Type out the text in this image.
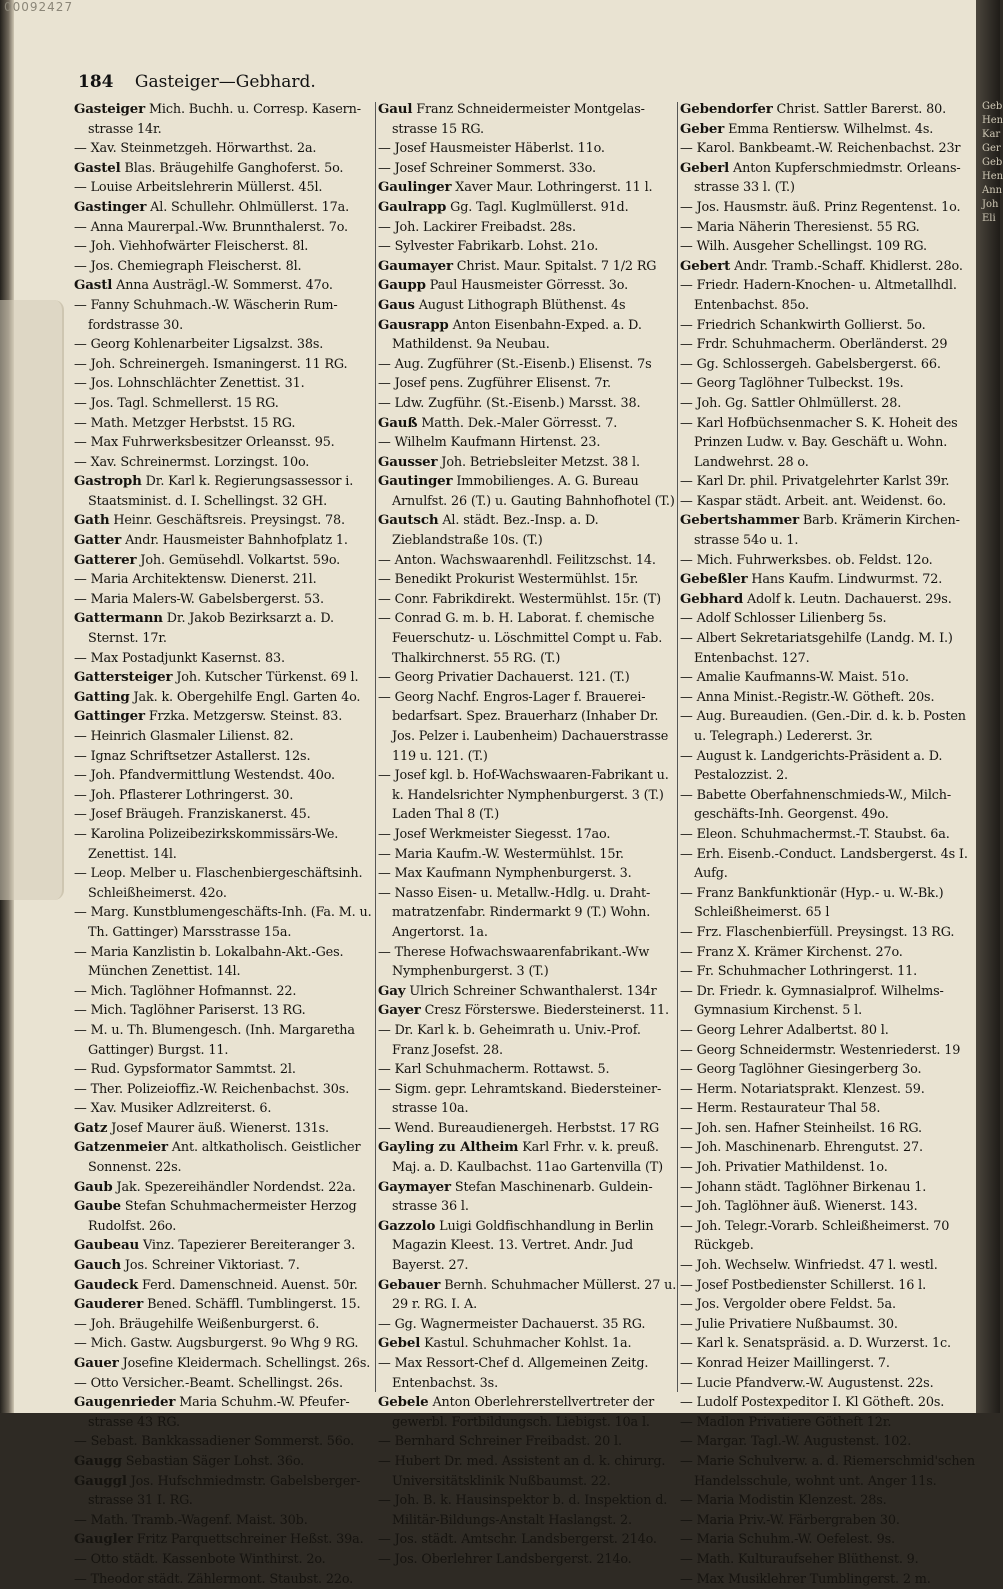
00092427
184 Gasteiger—Gebhard.

Gasteiger Mich. Buchh. u. Corresp. Kasernstrasse 14r.

— Xav. Steinmetzgeh. Hörwarthst. 2a.

Gastel Blas. Bräugehilfe Ganghoferst. 5o.

— Louise Arbeitslehrerin Müllerst. 45l.

Gastinger Al. Schullehr. Ohlmüllerst. 17a.

— Anna Maurerpal.-Ww. Brunnthalerst. 7o.

— Joh. Viehhofwärter Fleischerst. 8l.

— Jos. Chemiegraph Fleischerst. 8l.

Gastl Anna Austrägl.-W. Sommerst. 47o.

— Fanny Schuhmach.-W. Wäscherin Rumfordstrasse 30.

— Georg Kohlenarbeiter Ligsalzst. 38s.

— Joh. Schreinergeh. Ismaningerst. 11 RG.

— Jos. Lohnschlächter Zenettist. 31.

— Jos. Tagl. Schmellerst. 15 RG.

— Math. Metzger Herbstst. 15 RG.

— Max Fuhrwerksbesitzer Orleansst. 95.

— Xav. Schreinermst. Lorzingst. 10o.

Gastroph Dr. Karl k. Regierungsassessor i. Staatsminist. d. I. Schellingst. 32 GH.

Gath Heinr. Geschäftsreis. Preysingst. 78.

Gatter Andr. Hausmeister Bahnhofplatz 1.

Gatterer Joh. Gemüsehdl. Volkartst. 59o.

— Maria Architektensw. Dienerst. 21l.

— Maria Malers-W. Gabelsbergerst. 53.

Gattermann Dr. Jakob Bezirksarzt a. D. Sternst. 17r.

— Max Postadjunkt Kasernst. 83.

Gattersteiger Joh. Kutscher Türkenst. 69 l.

Gatting Jak. k. Obergehilfe Engl. Garten 4o.

Gattinger Frzka. Metzgersw. Steinst. 83.

— Heinrich Glasmaler Lilienst. 82.

— Ignaz Schriftsetzer Astallerst. 12s.

— Joh. Pfandvermittlung Westendst. 40o.

— Joh. Pflasterer Lothringerst. 30.

— Josef Bräugeh. Franziskanerst. 45.

— Karolina Polizeibezirkskommissärs-We. Zenettist. 14l.

— Leop. Melber u. Flaschenbiergeschäftsinh. Schleißheimerst. 42o.

— Marg. Kunstblumengeschäfts-Inh. (Fa. M. u. Th. Gattinger) Marsstrasse 15a.

— Maria Kanzlistin b. Lokalbahn-Akt.-Ges. München Zenettist. 14l.

— Mich. Taglöhner Hofmannst. 22.

— Mich. Taglöhner Pariserst. 13 RG.

— M. u. Th. Blumengesch. (Inh. Margaretha Gattinger) Burgst. 11.

— Rud. Gypsformator Sammtst. 2l.

— Ther. Polizeioffiz.-W. Reichenbachst. 30s.

— Xav. Musiker Adlzreiterst. 6.

Gatz Josef Maurer äuß. Wienerst. 131s.

Gatzenmeier Ant. altkatholisch. Geistlicher Sonnenst. 22s.

Gaub Jak. Spezereihändler Nordendst. 22a.

Gaube Stefan Schuhmachermeister Herzog Rudolfst. 26o.

Gaubeau Vinz. Tapezierer Bereiteranger 3.

Gauch Jos. Schreiner Viktoriast. 7.

Gaudeck Ferd. Damenschneid. Auenst. 50r.

Gauderer Bened. Schäffl. Tumblingerst. 15.

— Joh. Bräugehilfe Weißenburgerst. 6.

— Mich. Gastw. Augsburgerst. 9o Whg 9 RG.

Gauer Josefine Kleidermach. Schellingst. 26s.

— Otto Versicher.-Beamt. Schellingst. 26s.

Gaugenrieder Maria Schuhm.-W. Pfeuferstrasse 43 RG.

— Sebast. Bankkassadiener Sommerst. 56o.

Gaugg Sebastian Säger Lohst. 36o.

Gauggl Jos. Hufschmiedmstr. Gabelsbergerstrasse 31 I. RG.

— Math. Tramb.-Wagenf. Maist. 30b.

Gaugler Fritz Parquettschreiner Heßst. 39a.

— Otto städt. Kassenbote Winthirst. 2o.

— Theodor städt. Zählermont. Staubst. 22o.

Gaul Franz Schneidermeister Montgelasstrasse 15 RG.

— Josef Hausmeister Häberlst. 11o.

— Josef Schreiner Sommerst. 33o.

Gaulinger Xaver Maur. Lothringerst. 11 l.

Gaulrapp Gg. Tagl. Kuglmüllerst. 91d.

— Joh. Lackirer Freibadst. 28s.

— Sylvester Fabrikarb. Lohst. 21o.

Gaumayer Christ. Maur. Spitalst. 7 1/2 RG

Gaupp Paul Hausmeister Görresst. 3o.

Gaus August Lithograph Blüthenst. 4s

Gausrapp Anton Eisenbahn-Exped. a. D. Mathildenst. 9a Neubau.

— Aug. Zugführer (St.-Eisenb.) Elisenst. 7s

— Josef pens. Zugführer Elisenst. 7r.

— Ldw. Zugführ. (St.-Eisenb.) Marsst. 38.

Gauß Matth. Dek.-Maler Görresst. 7.

— Wilhelm Kaufmann Hirtenst. 23.

Gausser Joh. Betriebsleiter Metzst. 38 l.

Gautinger Immobilienges. A. G. Bureau Arnulfst. 26 (T.) u. Gauting Bahnhofhotel (T.)

Gautsch Al. städt. Bez.-Insp. a. D. Zieblandstraße 10s. (T.)

— Anton. Wachswaarenhdl. Feilitzschst. 14.

— Benedikt Prokurist Westermühlst. 15r.

— Conr. Fabrikdirekt. Westermühlst. 15r. (T)

— Conrad G. m. b. H. Laborat. f. chemische Feuerschutz- u. Löschmittel Compt u. Fab. Thalkirchnerst. 55 RG. (T.)

— Georg Privatier Dachauerst. 121. (T.)

— Georg Nachf. Engros-Lager f. Brauereibedarfsart. Spez. Brauerharz (Inhaber Dr. Jos. Pelzer i. Laubenheim) Dachauerstrasse 119 u. 121. (T.)

— Josef kgl. b. Hof-Wachswaaren-Fabrikant u. k. Handelsrichter Nymphenburgerst. 3 (T.) Laden Thal 8 (T.)

— Josef Werkmeister Siegesst. 17ao.

— Maria Kaufm.-W. Westermühlst. 15r.

— Max Kaufmann Nymphenburgerst. 3.

— Nasso Eisen- u. Metallw.-Hdlg. u. Drahtmatratzenfabr. Rindermarkt 9 (T.) Wohn. Angertorst. 1a.

— Therese Hofwachswaarenfabrikant.-Ww Nymphenburgerst. 3 (T.)

Gay Ulrich Schreiner Schwanthalerst. 134r

Gayer Cresz Försterswe. Biedersteinerst. 11.

— Dr. Karl k. b. Geheimrath u. Univ.-Prof. Franz Josefst. 28.

— Karl Schuhmacherm. Rottawst. 5.

— Sigm. gepr. Lehramtskand. Biedersteinerstrasse 10a.

— Wend. Bureaudienergeh. Herbstst. 17 RG

Gayling zu Altheim Karl Frhr. v. k. preuß. Maj. a. D. Kaulbachst. 11ao Gartenvilla (T)

Gaymayer Stefan Maschinenarb. Guldeinstrasse 36 l.

Gazzolo Luigi Goldfischhandlung in Berlin Magazin Kleest. 13. Vertret. Andr. Jud Bayerst. 27.

Gebauer Bernh. Schuhmacher Müllerst. 27 u. 29 r. RG. I. A.

— Gg. Wagnermeister Dachauerst. 35 RG.

Gebel Kastul. Schuhmacher Kohlst. 1a.

— Max Ressort-Chef d. Allgemeinen Zeitg. Entenbachst. 3s.

Gebele Anton Oberlehrerstellvertreter der gewerbl. Fortbildungsch. Liebigst. 10a l.

— Bernhard Schreiner Freibadst. 20 l.

— Hubert Dr. med. Assistent an d. k. chirurg. Universitätsklinik Nußbaumst. 22.

— Joh. B. k. Hausinspektor b. d. Inspektion d. Militär-Bildungs-Anstalt Haslangst. 2.

— Jos. städt. Amtschr. Landsbergerst. 214o.

— Jos. Oberlehrer Landsbergerst. 214o.

Gebendorfer Christ. Sattler Barerst. 80.

Geber Emma Rentiersw. Wilhelmst. 4s.

— Karol. Bankbeamt.-W. Reichenbachst. 23r

Geberl Anton Kupferschmiedmstr. Orleansstrasse 33 l. (T.)

— Jos. Hausmstr. äuß. Prinz Regentenst. 1o.

— Maria Näherin Theresienst. 55 RG.

— Wilh. Ausgeher Schellingst. 109 RG.

Gebert Andr. Tramb.-Schaff. Khidlerst. 28o.

— Friedr. Hadern-Knochen- u. Altmetallhdl. Entenbachst. 85o.

— Friedrich Schankwirth Gollierst. 5o.

— Frdr. Schuhmacherm. Oberländerst. 29

— Gg. Schlossergeh. Gabelsbergerst. 66.

— Georg Taglöhner Tulbeckst. 19s.

— Joh. Gg. Sattler Ohlmüllerst. 28.

— Karl Hofbüchsenmacher S. K. Hoheit des Prinzen Ludw. v. Bay. Geschäft u. Wohn. Landwehrst. 28 o.

— Karl Dr. phil. Privatgelehrter Karlst 39r.

— Kaspar städt. Arbeit. ant. Weidenst. 6o.

Gebertshammer Barb. Krämerin Kirchenstrasse 54o u. 1.

— Mich. Fuhrwerksbes. ob. Feldst. 12o.

Gebeßler Hans Kaufm. Lindwurmst. 72.

Gebhard Adolf k. Leutn. Dachauerst. 29s.

— Adolf Schlosser Lilienberg 5s.

— Albert Sekretariatsgehilfe (Landg. M. I.) Entenbachst. 127.

— Amalie Kaufmanns-W. Maist. 51o.

— Anna Minist.-Registr.-W. Götheft. 20s.

— Aug. Bureaudien. (Gen.-Dir. d. k. b. Posten u. Telegraph.) Ledererst. 3r.

— August k. Landgerichts-Präsident a. D. Pestalozzist. 2.

— Babette Oberfahnenschmieds-W., Milchgeschäfts-Inh. Georgenst. 49o.

— Eleon. Schuhmachermst.-T. Staubst. 6a.

— Erh. Eisenb.-Conduct. Landsbergerst. 4s I. Aufg.

— Franz Bankfunktionär (Hyp.- u. W.-Bk.) Schleißheimerst. 65 l

— Frz. Flaschenbierfüll. Preysingst. 13 RG.

— Franz X. Krämer Kirchenst. 27o.

— Fr. Schuhmacher Lothringerst. 11.

— Dr. Friedr. k. Gymnasialprof. Wilhelms-Gymnasium Kirchenst. 5 l.

— Georg Lehrer Adalbertst. 80 l.

— Georg Schneidermstr. Westenriederst. 19

— Georg Taglöhner Giesingerberg 3o.

— Herm. Notariatsprakt. Klenzest. 59.

— Herm. Restaurateur Thal 58.

— Joh. sen. Hafner Steinheilst. 16 RG.

— Joh. Maschinenarb. Ehrengutst. 27.

— Joh. Privatier Mathildenst. 1o.

— Johann städt. Taglöhner Birkenau 1.

— Joh. Taglöhner äuß. Wienerst. 143.

— Joh. Telegr.-Vorarb. Schleißheimerst. 70 Rückgeb.

— Joh. Wechselw. Winfriedst. 47 l. westl.

— Josef Postbedienster Schillerst. 16 l.

— Jos. Vergolder obere Feldst. 5a.

— Julie Privatiere Nußbaumst. 30.

— Karl k. Senatspräsid. a. D. Wurzerst. 1c.

— Konrad Heizer Maillingerst. 7.

— Lucie Pfandverw.-W. Augustenst. 22s.

— Ludolf Postexpeditor I. Kl Götheft. 20s.

— Madlon Privatiere Götheft 12r.

— Margar. Tagl.-W. Augustenst. 102.

— Marie Schulverw. a. d. Riemerschmid'schen Handelsschule, wohnt unt. Anger 11s.

— Maria Modistin Klenzest. 28s.

— Maria Priv.-W. Färbergraben 30.

— Maria Schuhm.-W. Oefelest. 9s.

— Math. Kulturaufseher Blüthenst. 9.

— Max Musiklehrer Tumblingerst. 2 m.

Geb Hen Kar Ger Geb Hen Ann Joh Eli
